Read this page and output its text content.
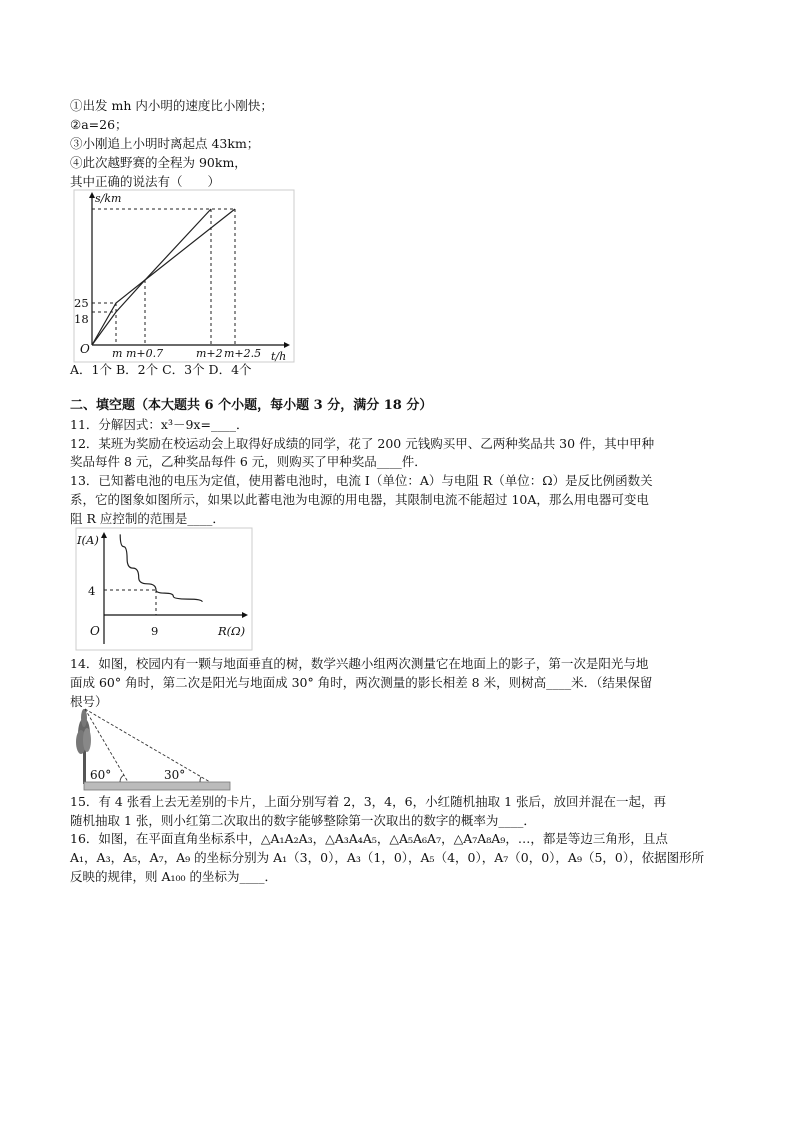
①出发 mh 内小明的速度比小刚快；
②a=26；
③小刚追上小明时离起点 43km；
④此次越野赛的全程为 90km，
其中正确的说法有（　　）
s/km
t/h
25
18
O m m+0.7	m+2 m+2.5
A．1个 B．2个 C．3个 D．4个
二、填空题（本大题共 6 个小题，每小题 3 分，满分 18 分）
11．分解因式：x³－9x=____．
12．某班为奖励在校运动会上取得好成绩的同学，花了 200 元钱购买甲、乙两种奖品共 30 件，其中甲种
奖品每件 8 元，乙种奖品每件 6 元，则购买了甲种奖品____件．
13．已知蓄电池的电压为定值，使用蓄电池时，电流 I（单位：A）与电阻 R（单位：Ω）是反比例函数关
系，它的图象如图所示，如果以此蓄电池为电源的用电器，其限制电流不能超过 10A，那么用电器可变电
阻 R 应控制的范围是____．
I(A)
R(Ω)
4
9
O
14．如图，校园内有一颗与地面垂直的树，数学兴趣小组两次测量它在地面上的影子，第一次是阳光与地
面成 60° 角时，第二次是阳光与地面成 30° 角时，两次测量的影长相差 8 米，则树高____米．（结果保留
根号）
60°	30°
15．有 4 张看上去无差别的卡片，上面分别写着 2，3，4，6，小红随机抽取 1 张后，放回并混在一起，再
随机抽取 1 张，则小红第二次取出的数字能够整除第一次取出的数字的概率为____．
16．如图，在平面直角坐标系中，△A₁A₂A₃，△A₃A₄A₅，△A₅A₆A₇，△A₇A₈A₉，…，都是等边三角形，且点
A₁，A₃，A₅，A₇，A₉ 的坐标分别为 A₁（3，0），A₃（1，0），A₅（4，0），A₇（0，0），A₉（5，0），依据图形所
反映的规律，则 A₁₀₀ 的坐标为____．
